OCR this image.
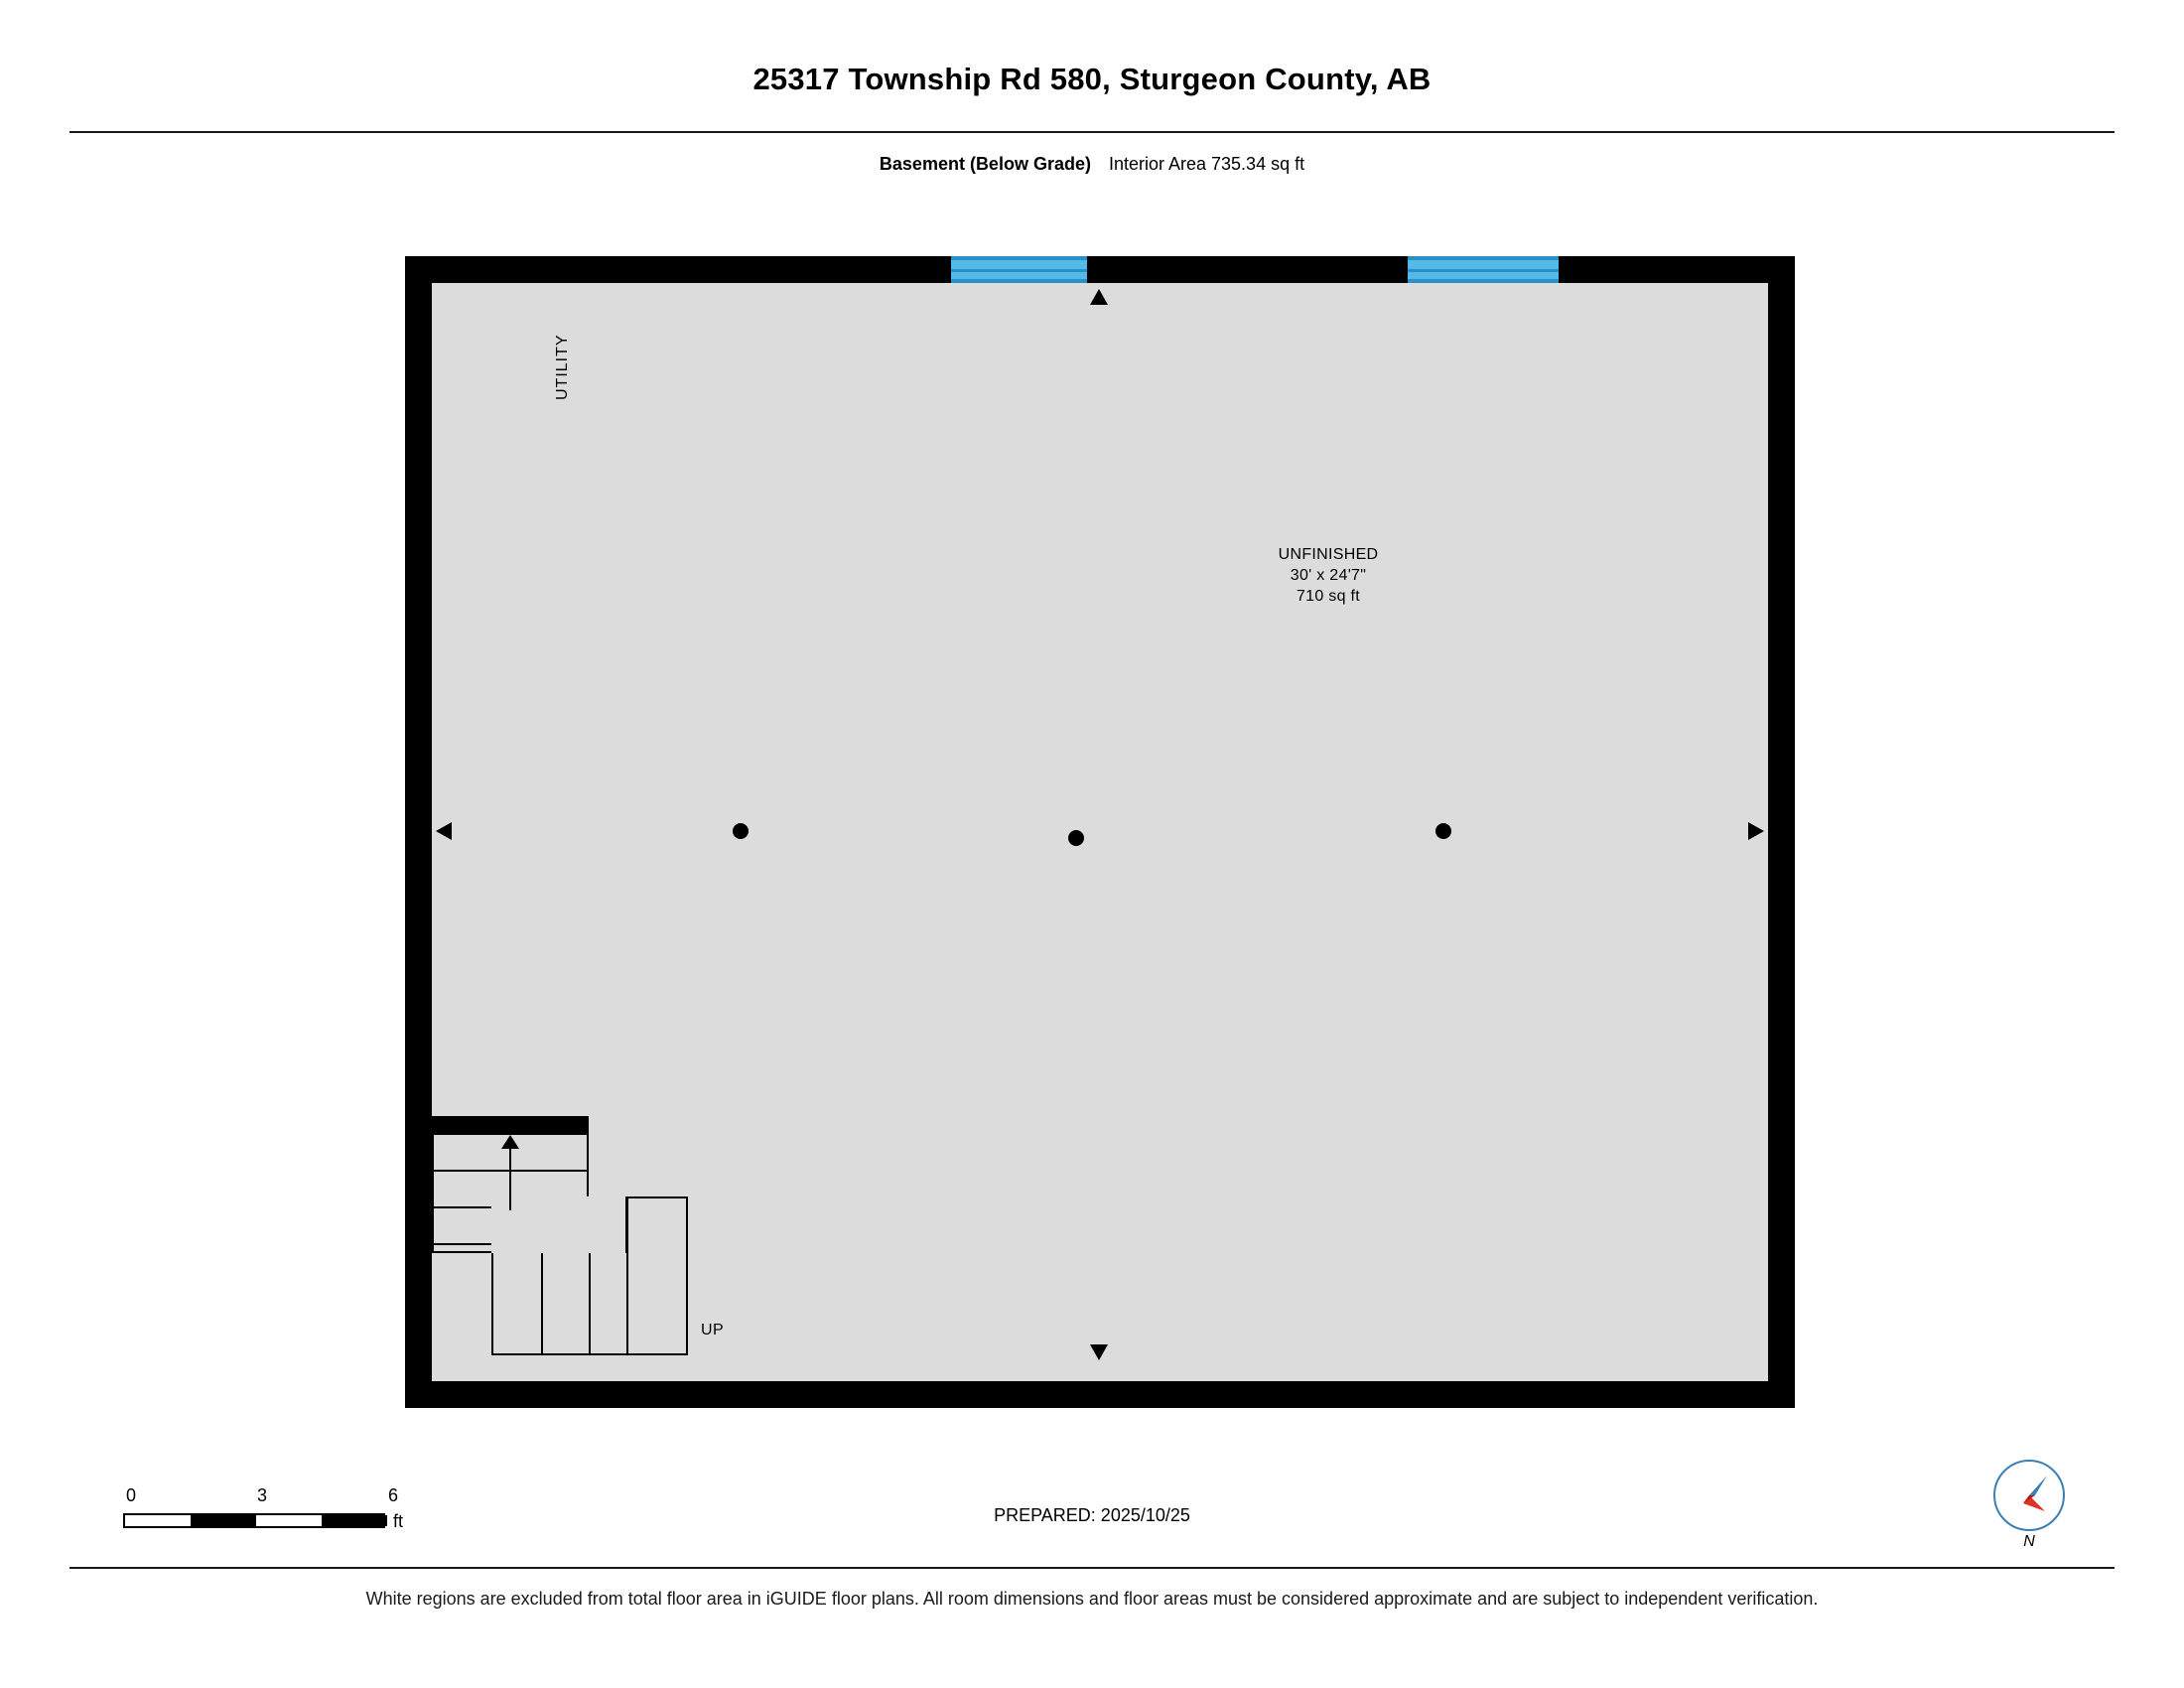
25317 Township Rd 580, Sturgeon County, AB
Basement (Below Grade) Interior Area 735.34 sq ft
UTILITY
UNFINISHED
30' x 24'7"
710 sq ft
UP
0	3	6
ft	PREPARED: 2025/10/25
N
White regions are excluded from total floor area in iGUIDE floor plans. All room dimensions and floor areas must be considered approximate and are subject to independent verification.
